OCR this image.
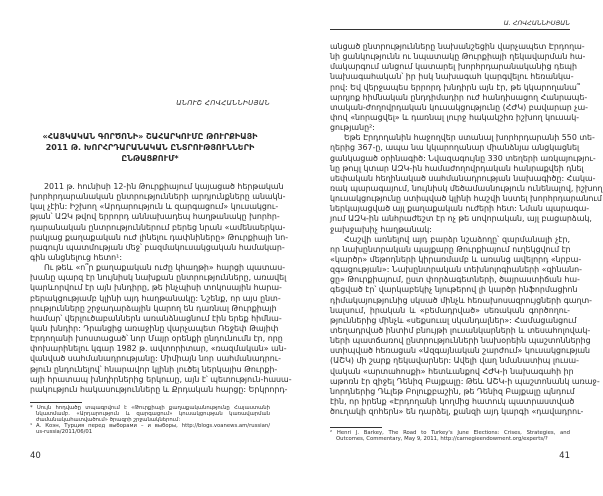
ԱՆՈՒՇ ՀՈՎՀԱՆՆԻՍՅԱՆ
«ՀԱՅԿԱԿԱՆ ԳՈՐԾՈՆԻ» ՇԱՀԱՐԿՈՒՄԸ ԹՈՒՐՔԻԱՅԻ
2011 Թ. ԽՈՐՀՐԴԱՐԱՆԱԿԱՆ ԸՆՏՐՈՒԹՅՈՒՆՆԵՐԻ
ԸՆԹԱՑՔՈՒՄ*
2011 թ. հունիսի 12-ին Թուրքիայում կայացած հերթական
խորհրդարանական ընտրությունների արդյունքները անակն-
կալ չէին: Իշխող «Արդարություն և զարգացում» կուսակցու-
թյան՝ ԱԶԿ թվով երրորդ աննախադեպ հաղթանակը խորհր-
դարանական ընտրություններում բերեց նրան «ամենաերկա-
րակյաց քաղաքական ուժ լինելու դափնիները» Թուրքիայի նո-
րագույն պատմության մեջ՝ բազմակուսակցական համակար-
գին անցնելուց հետո¹:
Ու թեև «ո՞ր քաղաքական ուժը կհաղթի» հարցի պատաս-
խանը պարզ էր նույնիսկ նախքան ընտրությունները, առավել
կարևորվում էր այն խնդիրը, թե ինչպիսի տոկոսային հարա-
բերակցությամբ կլինի այդ հաղթանակը: Նշենք, որ այս ընտ-
րությունները շրջադարձային կարող են դառնալ Թուրքիայի
համար՝ վերլուծաբաններն առանձնացնում էին երեք հիմնա-
կան խնդիր: Դրանցից առաջինը վարչապետ Ռեջեփ Թայիփ
Էրդողանի խոստացած՝ նոր Մայր օրենքի ընդունումն էր, որը
փոխարինելու կգար 1982 թ. ավտորիտար, «ռազմական» ան-
վանված սահմանադրությանը: Միմիայն նոր սահմանադրու-
թյուն ընդունելով՝ հնարավոր կլինի լուծել ներկայիս Թուրքի-
այի հրատապ խնդիրներից երկուսը, այն է՝ պետություն-հասա-
րակություն հակասությունները և Քրդական հարցը: Երկրորդ-
* Սույն հոդվածը տպագրվում է «Թուրքիայի քաղաքականությունը Հայաստանի
նկատմամբ. «Արդարություն և զարգացում» կուսակցության կառավարման
ժամանակահատվածում» ծրագրի շրջանակներում:
¹ А. Коэн, Турция перед выборами – и выборы, http://blogs.voanews.am/russian/
us-russia/2011/06/01
40
Ա. ՀՈՎՀԱՆՆԻՍՅԱՆ
անցած ընտրությունները նախանշեցին վարչապետ Էրդողա-
նի ցանկությունն ու նպատակը Թուրքիայի ղեկավարման հա-
մակարգում անցում կատարել խորհրդարանականից դեպի
նախագահական՝ իր իսկ նախագահ կարգվելու հեռանկա-
րով: Եվ վերջապես երրորդ խնդիրն այն էր, թե կկարողանա՞
արդյոք հիմնական ընդդիմադիր ուժ հանդիսացող Հանրապե-
տական-ժողովրդական կուսակցությունը (ՀԺԿ) բավարար չա-
փով «նորացվել» և դառնալ լուրջ հակակշիռ իշխող կուսակ-
ցությանը²:
Եթե Էրդողանին հաջողվեր ստանալ խորհրդարանի 550 տե-
ղերից 367-ը, ապա նա կկարողանար միանձնյա անցկացնել
ցանկացած օրինագիծ: Նվազագույնը 330 տեղերի առկայությու-
նը թույլ կտար ԱԶԿ-ին համաժողովրդական հանրաքվեի դնել
սեփական հեղինակած սահմանադրության նախագիծը: Հակա-
ռակ պարագայում, նույնիսկ մեծամասնություն ունենալով, իշխող
կուսակցությունը ստիպված կլինի հաշվի նստել խորհրդարանում
ներկայացված այլ քաղաքական ուժերի հետ: Նման պարագա-
յում ԱԶԿ-ին անհրաժեշտ էր ոչ թե սովորական, այլ բացարձակ,
ջախջախիչ հաղթանակ:
Հաշվի առնելով այդ բարձր նշաձողը՝ զարմանալի չէր,
որ նախընտրական պայքարը Թուրքիայում ուղեկցվում էր
«կարծր» մեթոդների կիրառմամբ և առանց ավելորդ «նրբա-
զգացության»: Նախընտրական տեխնոլոգիաների «զինանո-
ցը» Թուրքիայում, ըստ փորձագետների, ծայրաստիճան հա-
գեցված էր՝ վարկաբեկիչ նյութերով լի կարծր ինֆորմացիոն
դիմակայությունից սկսած մինչև հեռախոսազրույցների գաղտ-
նալսում, իրական և «բեմադրված» սեռական գործողու-
թյուններից մինչև «սեքսուալ սկանդալներ»: Համացանցում
տեղադրված ինտիմ բնույթի լուսանկարների և տեսահոլովակ-
ների պատճառով ընտրությունների նախօրեին պաշտոններից
ստիպված հեռացան «Ազգայնական շարժում» կուսակցության
(ԱՇԿ) մի շարք ղեկավարներ: Ավելի վաղ նմանատիպ լուսա-
վական «արտահոսքի» հետևանքով ՀԺԿ-ի նախագահի իր
աթոռն էր զիջել Դենիզ Բայքալը: Թեև ԱՇԿ-ի պաշտոնանկ առաջ-
նորդներից Դևլեթ Բոլուքբաշին, թե Դենիզ Բայքալը պնդում
էին, որ իրենք «Էրդողանի կողմից հատուկ պատրաստված
ծուղակի զոհերն» են դարձել, քանզի այդ կարգի «դավադրու-
² Henri J. Barkey, The Road to Turkey's June Elections: Crises, Strategies, and
Outcomes, Commentary, May 9, 2011, http://carnegieendowment.org/experts/?
41
